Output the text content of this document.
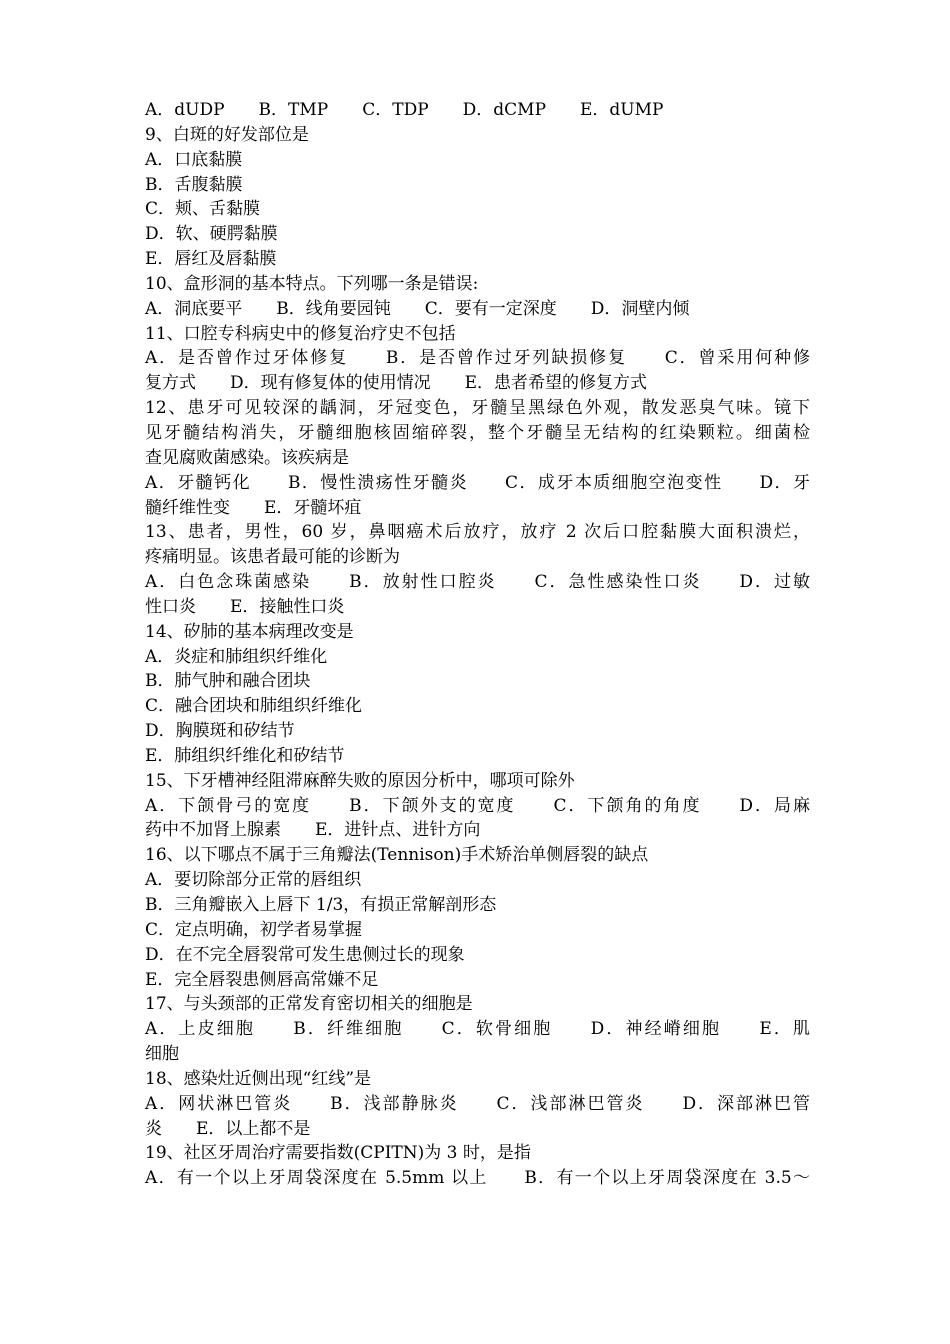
A．dUDP　　B．TMP　　C．TDP　　D．dCMP　　E．dUMP
9、白斑的好发部位是
A．口底黏膜
B．舌腹黏膜
C．颊、舌黏膜
D．软、硬腭黏膜
E．唇红及唇黏膜
10、盒形洞的基本特点。下列哪一条是错误:
A．洞底要平　　B．线角要园钝　　C．要有一定深度　　D．洞壁内倾
11、口腔专科病史中的修复治疗史不包括
A．是否曾作过牙体修复　　B．是否曾作过牙列缺损修复　　C．曾采用何种修
复方式　　D．现有修复体的使用情况　　E．患者希望的修复方式
12、患牙可见较深的龋洞，牙冠变色，牙髓呈黑绿色外观，散发恶臭气味。镜下
见牙髓结构消失，牙髓细胞核固缩碎裂，整个牙髓呈无结构的红染颗粒。细菌检
查见腐败菌感染。该疾病是
A．牙髓钙化　　B．慢性溃疡性牙髓炎　　C．成牙本质细胞空泡变性　　D．牙
髓纤维性变　　E．牙髓坏疽
13、患者，男性，60 岁，鼻咽癌术后放疗，放疗 2 次后口腔黏膜大面积溃烂，
疼痛明显。该患者最可能的诊断为
A．白色念珠菌感染　　B．放射性口腔炎　　C．急性感染性口炎　　D．过敏
性口炎　　E．接触性口炎
14、矽肺的基本病理改变是
A．炎症和肺组织纤维化
B．肺气肿和融合团块
C．融合团块和肺组织纤维化
D．胸膜斑和矽结节
E．肺组织纤维化和矽结节
15、下牙槽神经阻滞麻醉失败的原因分析中，哪项可除外
A．下颌骨弓的宽度　　B．下颌外支的宽度　　C．下颌角的角度　　D．局麻
药中不加肾上腺素　　E．进针点、进针方向
16、以下哪点不属于三角瓣法(Tennison)手术矫治单侧唇裂的缺点
A．要切除部分正常的唇组织
B．三角瓣嵌入上唇下 1/3，有损正常解剖形态
C．定点明确，初学者易掌握
D．在不完全唇裂常可发生患侧过长的现象
E．完全唇裂患侧唇高常嫌不足
17、与头颈部的正常发育密切相关的细胞是
A．上皮细胞　　B．纤维细胞　　C．软骨细胞　　D．神经嵴细胞　　E．肌
细胞
18、感染灶近侧出现“红线”是
A．网状淋巴管炎　　B．浅部静脉炎　　C．浅部淋巴管炎　　D．深部淋巴管
炎　　E．以上都不是
19、社区牙周治疗需要指数(CPITN)为 3 时，是指
A．有一个以上牙周袋深度在 5.5mm 以上　　B．有一个以上牙周袋深度在 3.5～
